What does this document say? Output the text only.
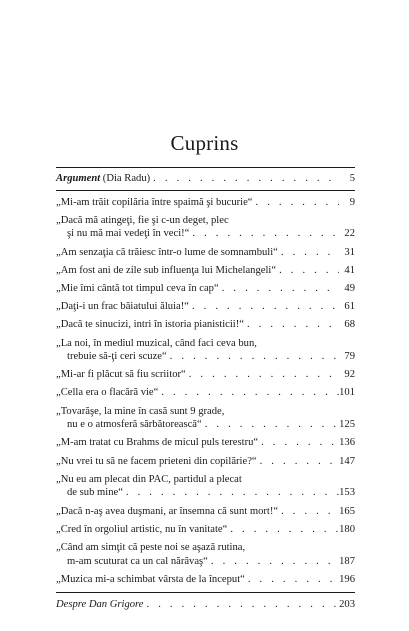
Cuprins
Argument (Dia Radu) . . .	5
„Mi-am trăit copilăria între spaimă şi bucurie“ . . .	9
„Dacă mă atingeţi, fie şi c-un deget, plec
şi nu mă mai vedeţi în veci!“ . . .	22
„Am senzaţia că trăiesc într-o lume de somnambuli“ . . .	31
„Am fost ani de zile sub influenţa lui Michelangeli“ . . .	41
„Mie îmi cântă tot timpul ceva în cap“ . . .	49
„Daţi-i un frac băiatului ăluia!“ . . .	61
„Dacă te sinucizi, intri în istoria pianisticii!“ . . .	68
„La noi, în mediul muzical, când faci ceva bun,
trebuie să-ţi ceri scuze“ . . .	79
„Mi-ar fi plăcut să fiu scriitor“ . . .	92
„Cella era o flacără vie“ . . .	101
„Tovarăşe, la mine în casă sunt 9 grade,
nu e o atmosferă sărbătorească“ . . .	125
„M-am tratat cu Brahms de micul puls terestru“ . . .	136
„Nu vrei tu să ne facem prieteni din copilărie?“ . . .	147
„Nu eu am plecat din PAC, partidul a plecat
de sub mine“ . . .	153
„Dacă n-aş avea duşmani, ar însemna că sunt mort!“ . . .	165
„Cred în orgoliul artistic, nu în vanitate“ . . .	180
„Când am simţit că peste noi se aşază rutina,
m-am scuturat ca un cal nărăvaş“ . . .	187
„Muzica mi-a schimbat vârsta de la început“ . . .	196
Despre Dan Grigore . . .	203
